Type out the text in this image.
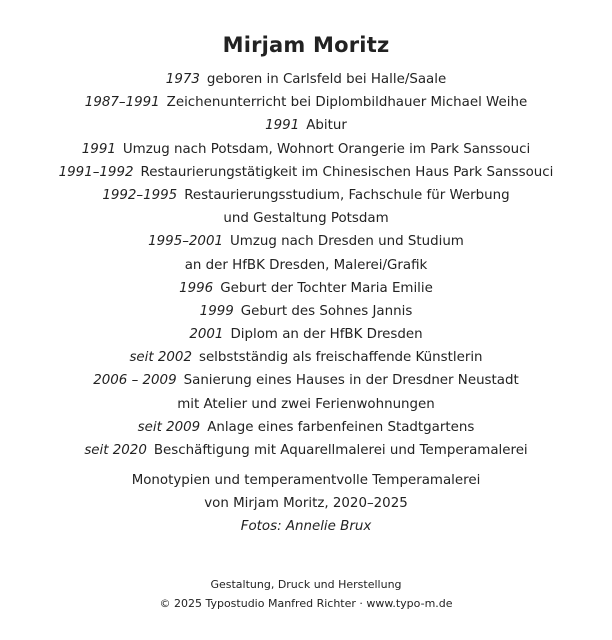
Mirjam Moritz
1973 geboren in Carlsfeld bei Halle/Saale
1987–1991 Zeichenunterricht bei Diplombildhauer Michael Weihe
1991 Abitur
1991 Umzug nach Potsdam, Wohnort Orangerie im Park Sanssouci
1991–1992 Restaurierungstätigkeit im Chinesischen Haus Park Sanssouci
1992–1995 Restaurierungsstudium, Fachschule für Werbung
und Gestaltung Potsdam
1995–2001 Umzug nach Dresden und Studium
an der HfBK Dresden, Malerei/Grafik
1996 Geburt der Tochter Maria Emilie
1999 Geburt des Sohnes Jannis
2001 Diplom an der HfBK Dresden
seit 2002 selbstständig als freischaffende Künstlerin
2006 – 2009 Sanierung eines Hauses in der Dresdner Neustadt
mit Atelier und zwei Ferienwohnungen
seit 2009 Anlage eines farbenfeinen Stadtgartens
seit 2020 Beschäftigung mit Aquarellmalerei und Temperamalerei
Monotypien und temperamentvolle Temperamalerei
von Mirjam Moritz, 2020–2025
Fotos: Annelie Brux
Gestaltung, Druck und Herstellung
© 2025 Typostudio Manfred Richter · www.typo-m.de
